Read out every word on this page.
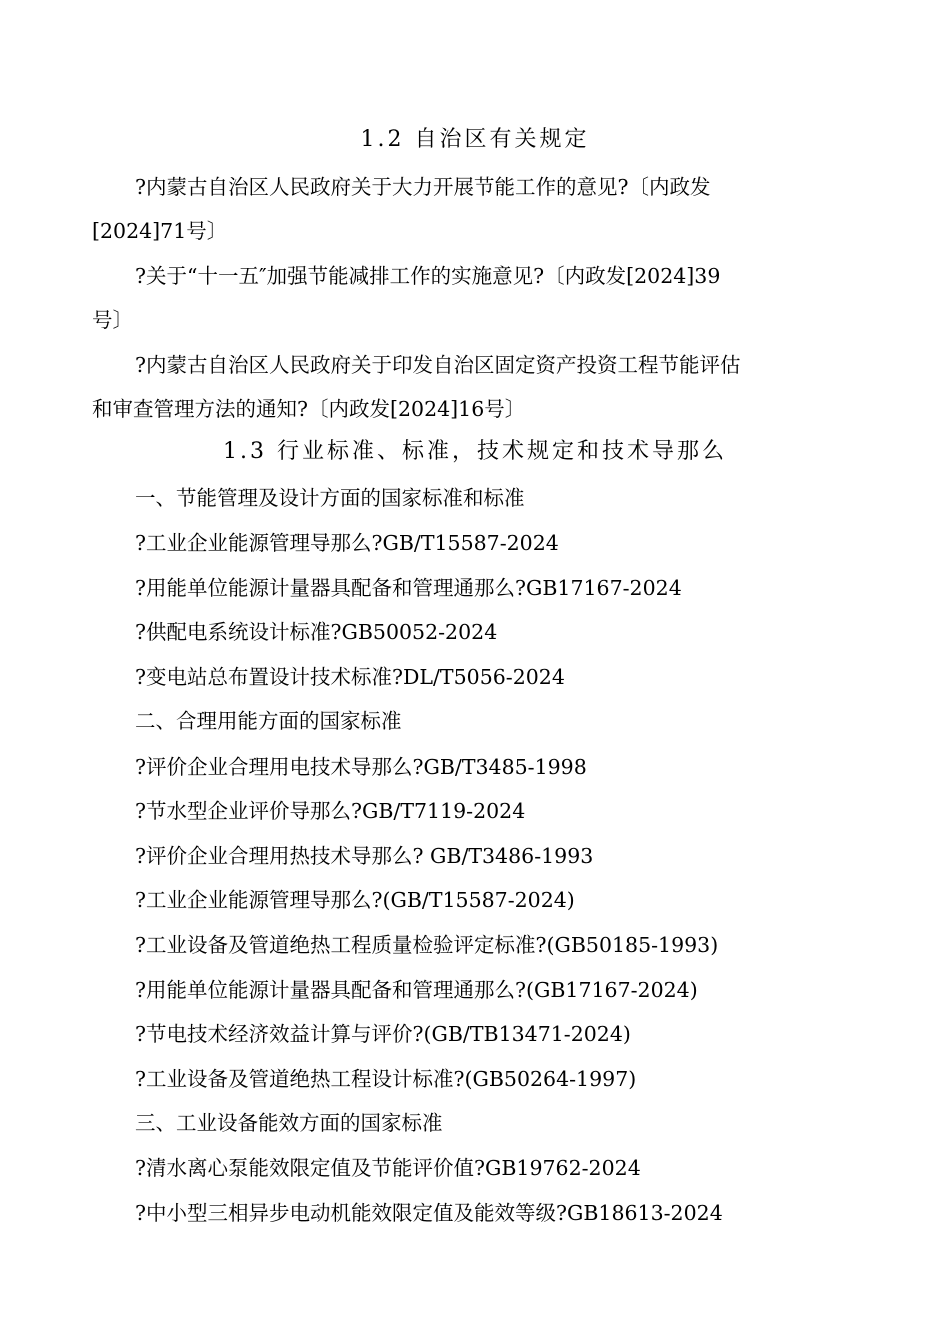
1.2 自治区有关规定
?内蒙古自治区人民政府关于大力开展节能工作的意见?〔内政发
[2024]71号〕
?关于“十一五″加强节能减排工作的实施意见?〔内政发[2024]39
号〕
?内蒙古自治区人民政府关于印发自治区固定资产投资工程节能评估
和审查管理方法的通知?〔内政发[2024]16号〕
1.3 行业标准、标准，技术规定和技术导那么
一、节能管理及设计方面的国家标准和标准
?工业企业能源管理导那么?GB/T15587-2024
?用能单位能源计量器具配备和管理通那么?GB17167-2024
?供配电系统设计标准?GB50052-2024
?变电站总布置设计技术标准?DL/T5056-2024
二、合理用能方面的国家标准
?评价企业合理用电技术导那么?GB/T3485-1998
?节水型企业评价导那么?GB/T7119-2024
?评价企业合理用热技术导那么? GB/T3486-1993
?工业企业能源管理导那么?(GB/T15587-2024)
?工业设备及管道绝热工程质量检验评定标准?(GB50185-1993)
?用能单位能源计量器具配备和管理通那么?(GB17167-2024)
?节电技术经济效益计算与评价?(GB/TB13471-2024)
?工业设备及管道绝热工程设计标准?(GB50264-1997)
三、工业设备能效方面的国家标准
?清水离心泵能效限定值及节能评价值?GB19762-2024
?中小型三相异步电动机能效限定值及能效等级?GB18613-2024
